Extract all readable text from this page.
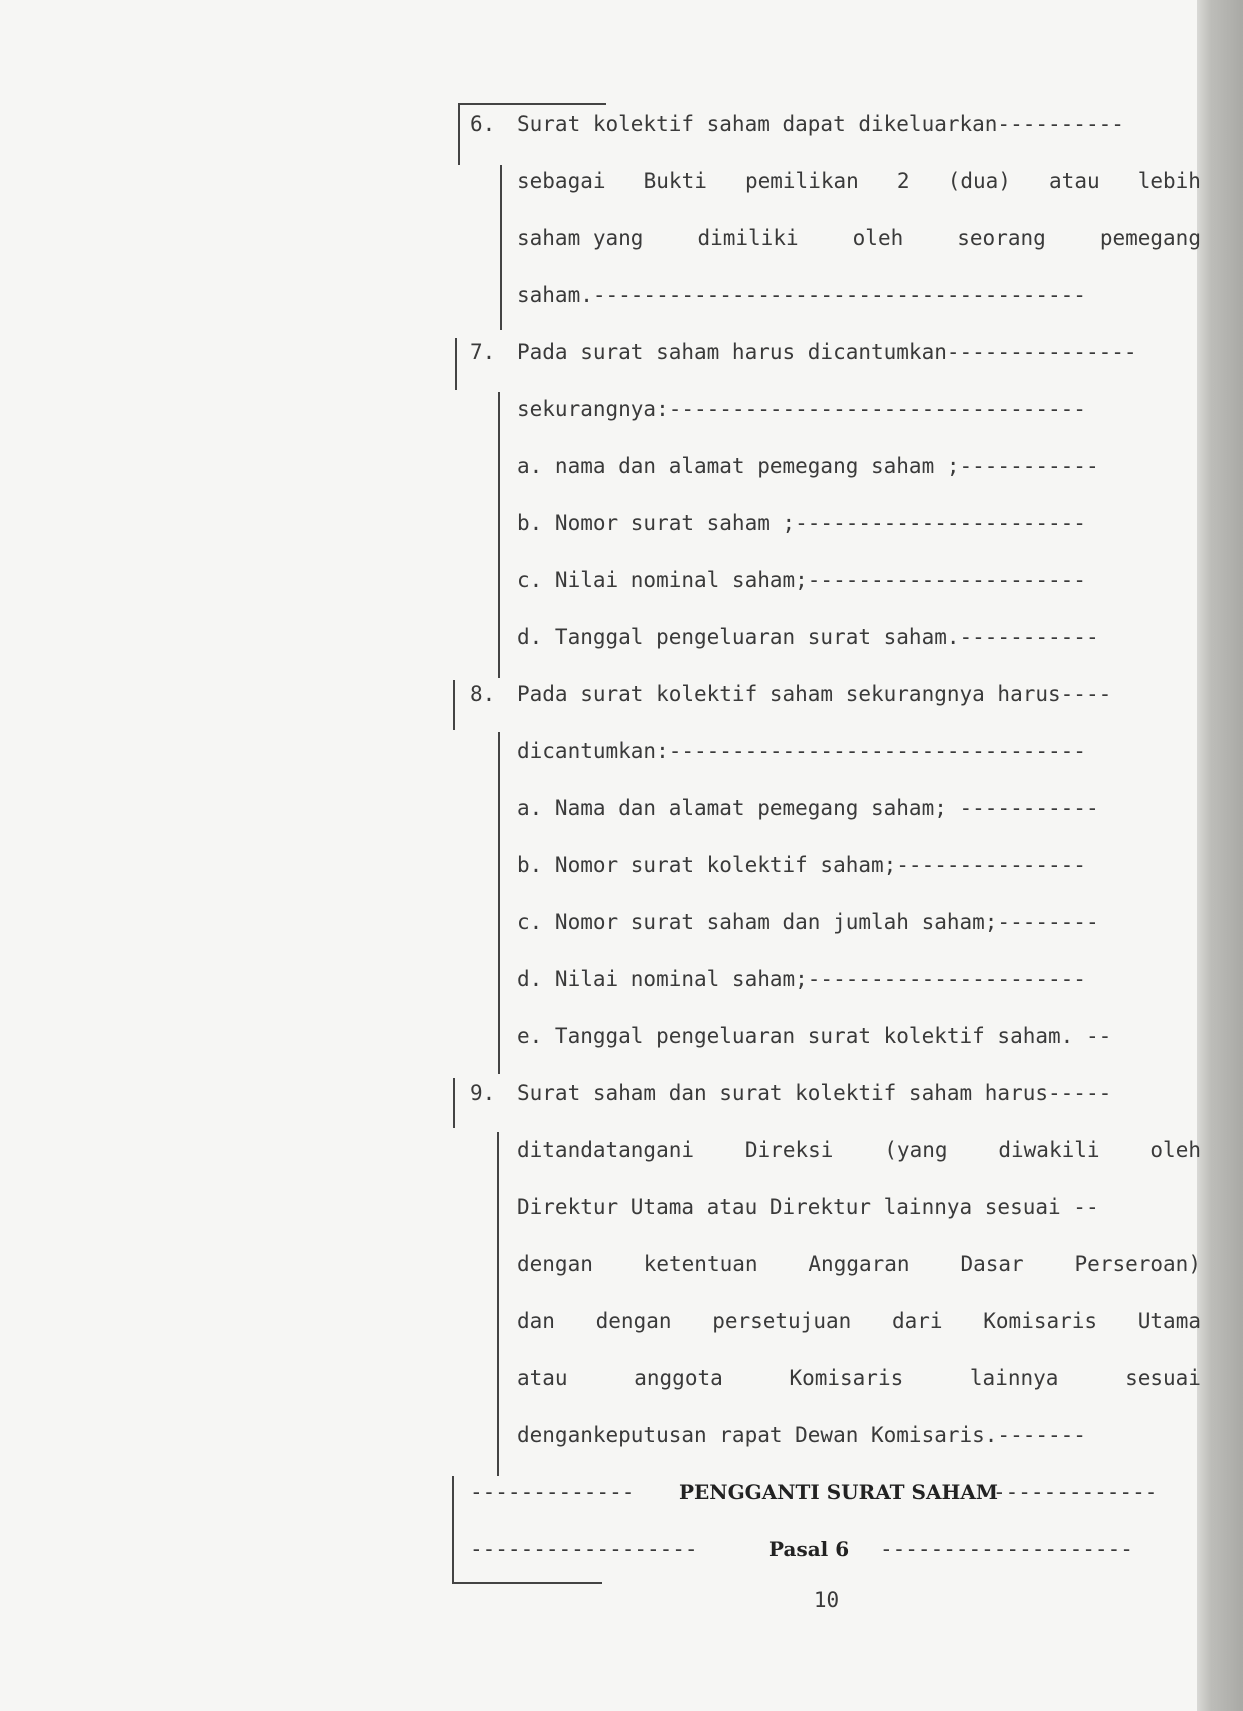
6.

Surat kolektif saham dapat dikeluarkan----------

sebagai Bukti pemilikan 2 (dua) atau lebih

saham yang	dimiliki	oleh	seorang	pemegang

saham.---------------------------------------

7.

Pada surat saham harus dicantumkan---------------

sekurangnya:---------------------------------

a. nama dan alamat pemegang saham ;-----------

b. Nomor surat saham ;-----------------------

c. Nilai nominal saham;----------------------

d. Tanggal pengeluaran surat saham.-----------

8.

Pada surat kolektif saham sekurangnya harus----

dicantumkan:---------------------------------

a. Nama dan alamat pemegang saham; -----------

b. Nomor surat kolektif saham;---------------

c. Nomor surat saham dan jumlah saham;--------

d. Nilai nominal saham;----------------------

e. Tanggal pengeluaran surat kolektif saham. --

9.

Surat saham dan surat kolektif saham harus-----

ditandatangani Direksi (yang diwakili oleh

Direktur Utama atau Direktur lainnya sesuai --

dengan ketentuan Anggaran Dasar Perseroan)

dan dengan persetujuan dari Komisaris Utama

atau	anggota	Komisaris	lainnya	sesuai

dengankeputusan rapat Dewan Komisaris.-------

-------------

PENGGANTI SURAT SAHAM

-------------

------------------

	Pasal 6

--------------------

10
